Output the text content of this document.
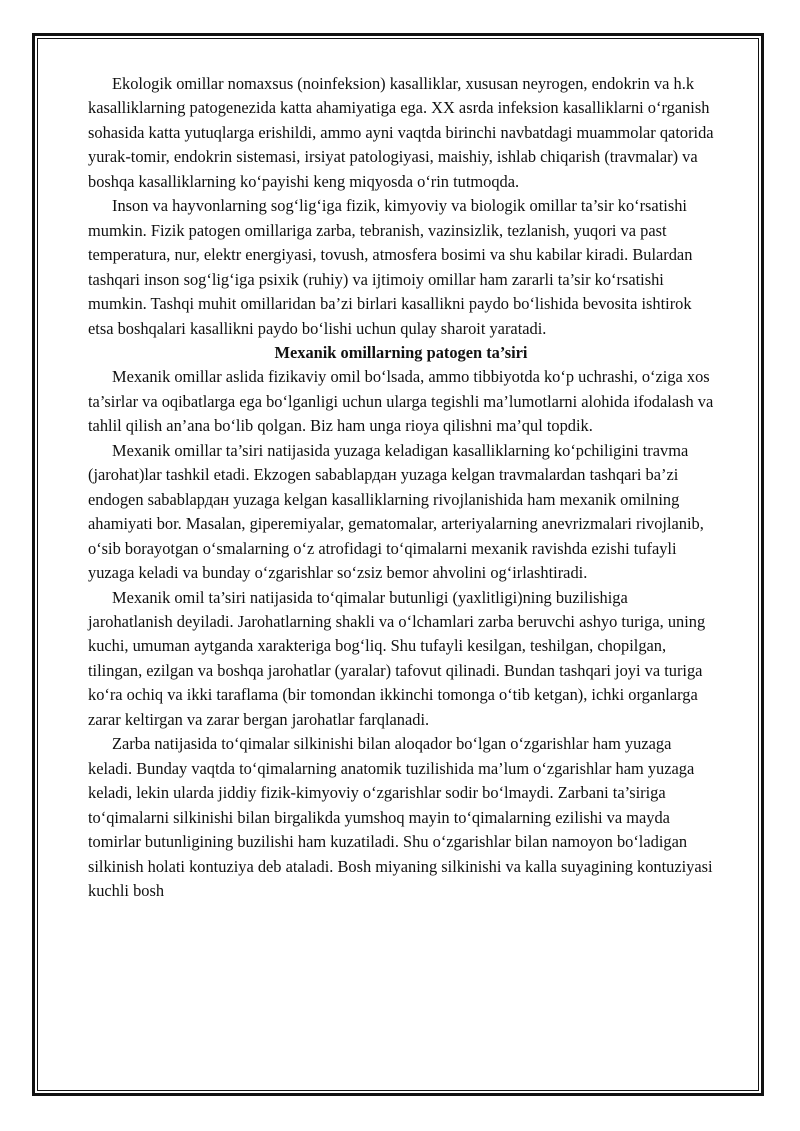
Ekologik omillar nomaxsus (noinfeksion) kasalliklar, xususan neyrogen, endokrin va h.k kasalliklarning patogenezida katta ahamiyatiga ega. XX asrda infeksion kasalliklarni o‘rganish sohasida katta yutuqlarga erishildi, ammo ayni vaqtda birinchi navbatdagi muammolar qatorida yurak-tomir, endokrin sistemasi, irsiyat patologiyasi, maishiy, ishlab chiqarish (travmalar) va boshqa kasalliklarning ko‘payishi keng miqyosda o‘rin tutmoqda.

Inson va hayvonlarning sog‘lig‘iga fizik, kimyoviy va biologik omillar ta’sir ko‘rsatishi mumkin. Fizik patogen omillariga zarba, tebranish, vazinsizlik, tezlanish, yuqori va past temperatura, nur, elektr energiyasi, tovush, atmosfera bosimi va shu kabilar kiradi. Bulardan tashqari inson sog‘lig‘iga psixik (ruhiy) va ijtimoiy omillar ham zararli ta’sir ko‘rsatishi mumkin. Tashqi muhit omillaridan ba’zi birlari kasallikni paydo bo‘lishida bevosita ishtirok etsa boshqalari kasallikni paydo bo‘lishi uchun qulay sharoit yaratadi.

Mexanik omillarning patogen ta’siri

Mexanik omillar aslida fizikaviy omil bo‘lsada, ammo tibbiyotda ko‘p uchrashi, o‘ziga xos ta’sirlar va oqibatlarga ega bo‘lganligi uchun ularga tegishli ma’lumotlarni alohida ifodalash va tahlil qilish an’ana bo‘lib qolgan. Biz ham unga rioya qilishni ma’qul topdik.

Mexanik omillar ta’siri natijasida yuzaga keladigan kasalliklarning ko‘pchiligini travma (jarohat)lar tashkil etadi. Ekzogen sabablардан yuzaga kelgan travmalardan tashqari ba’zi endogen sabablардан yuzaga kelgan kasalliklarning rivojlanishida ham mexanik omilning ahamiyati bor. Masalan, giperemiyalar, gematomalar, arteriyalarning anevrizmalari rivojlanib, o‘sib borayotgan o‘smalarning o‘z atrofidagi to‘qimalarni mexanik ravishda ezishi tufayli yuzaga keladi va bunday o‘zgarishlar so‘zsiz bemor ahvolini og‘irlashtiradi.

Mexanik omil ta’siri natijasida to‘qimalar butunligi (yaxlitligi)ning buzilishiga jarohatlanish deyiladi. Jarohatlarning shakli va o‘lchamlari zarba beruvchi ashyo turiga, uning kuchi, umuman aytganda xarakteriga bog‘liq. Shu tufayli kesilgan, teshilgan, chopilgan, tilingan, ezilgan va boshqa jarohatlar (yaralar) tafovut qilinadi. Bundan tashqari joyi va turiga ko‘ra ochiq va ikki taraflama (bir tomondan ikkinchi tomonga o‘tib ketgan), ichki organlarga zarar keltirgan va zarar bergan jarohatlar farqlanadi.

Zarba natijasida to‘qimalar silkinishi bilan aloqador bo‘lgan o‘zgarishlar ham yuzaga keladi. Bunday vaqtda to‘qimalarning anatomik tuzilishida ma’lum o‘zgarishlar ham yuzaga keladi, lekin ularda jiddiy fizik-kimyoviy o‘zgarishlar sodir bo‘lmaydi. Zarbani ta’siriga to‘qimalarni silkinishi bilan birgalikda yumshoq mayin to‘qimalarning ezilishi va mayda tomirlar butunligining buzilishi ham kuzatiladi. Shu o‘zgarishlar bilan namoyon bo‘ladigan silkinish holati kontuziya deb ataladi. Bosh miyaning silkinishi va kalla suyagining kontuziyasi kuchli bosh
